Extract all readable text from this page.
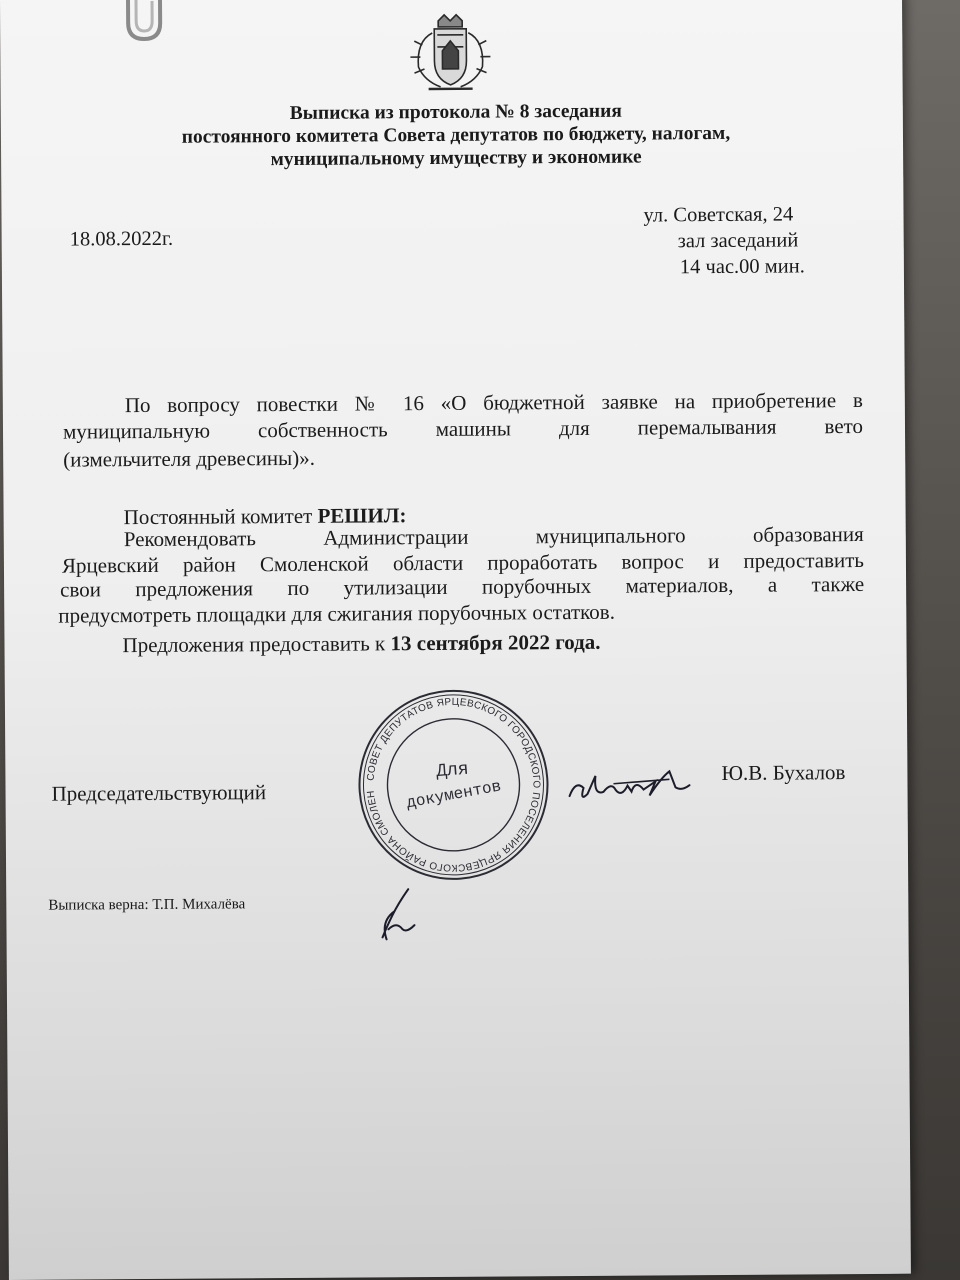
Выписка из протокола № 8 заседания
постоянного комитета Совета депутатов по бюджету, налогам,
муниципальному имуществу и экономике
18.08.2022г.
ул. Советская, 24
зал заседаний
14 час.00 мин.
По вопросу повестки № 16 «О бюджетной заявке на приобретение в
муниципальную собственность машины для перемалывания вето
(измельчителя древесины)».
Постоянный комитет РЕШИЛ:
Рекомендовать Администрации муниципального образования
Ярцевский район Смоленской области проработать вопрос и предоставить
свои предложения по утилизации порубочных материалов, а также
предусмотреть площадки для сжигания порубочных остатков.
Предложения предоставить к 13 сентября 2022 года.
Председательствующий
Ю.В. Бухалов
Выписка верна: Т.П. Михалёва
СОВЕТ ДЕПУТАТОВ ЯРЦЕВСКОГО ГОРОДСКОГО ПОСЕЛЕНИЯ ЯРЦЕВСКОГО РАЙОНА СМОЛЕНСКОЙ
Для
документов
